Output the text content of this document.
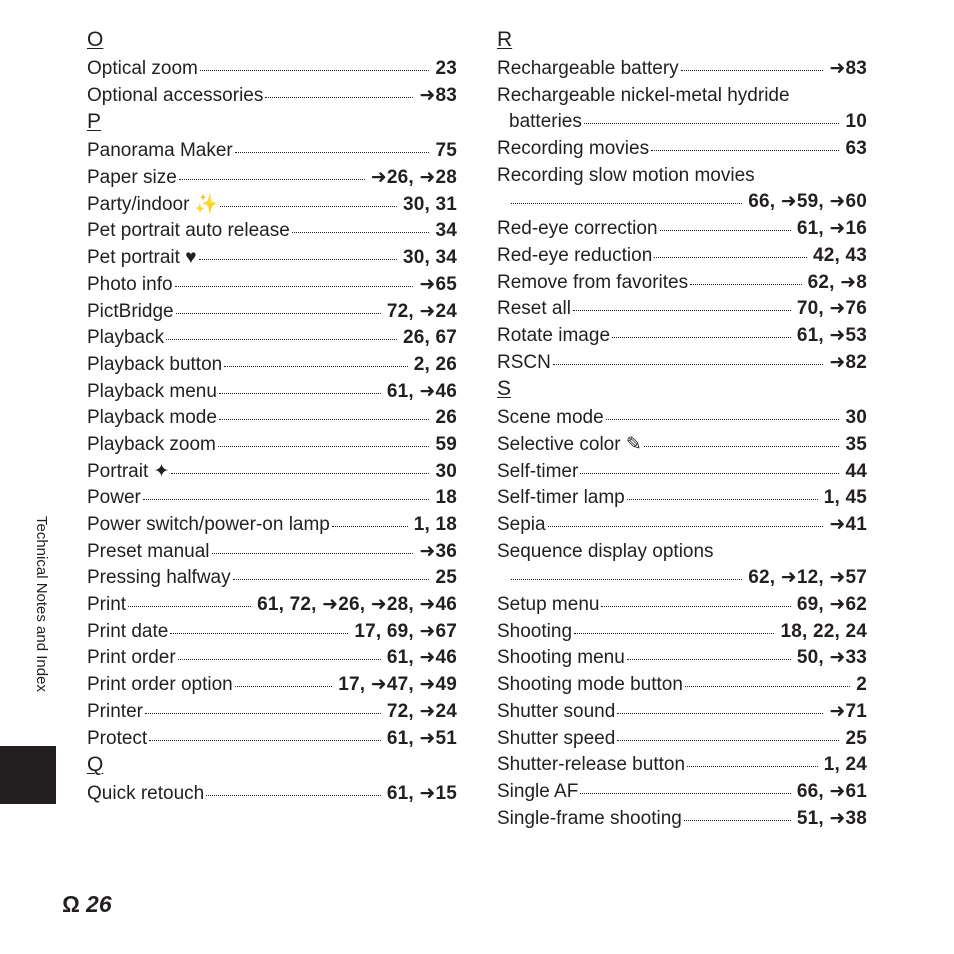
O
Optical zoom	23
Optional accessories	➜83
P
Panorama Maker	75
Paper size	➜26, ➜28
Party/indoor ✨	30, 31
Pet portrait auto release	34
Pet portrait ♥	30, 34
Photo info	➜65
PictBridge	72, ➜24
Playback	26, 67
Playback button	2, 26
Playback menu	61, ➜46
Playback mode	26
Playback zoom	59
Portrait ✦	30
Power	18
Power switch/power-on lamp	1, 18
Preset manual	➜36
Pressing halfway	25
Print	61, 72, ➜26, ➜28, ➜46
Print date	17, 69, ➜67
Print order	61, ➜46
Print order option	17, ➜47, ➜49
Printer	72, ➜24
Protect	61, ➜51
Q
Quick retouch	61, ➜15
R
Rechargeable battery	➜83
Rechargeable nickel-metal hydride
batteries	10
Recording movies	63
Recording slow motion movies
66, ➜59, ➜60
Red-eye correction	61, ➜16
Red-eye reduction	42, 43
Remove from favorites	62, ➜8
Reset all	70, ➜76
Rotate image	61, ➜53
RSCN	➜82
S
Scene mode	30
Selective color ✎	35
Self-timer	44
Self-timer lamp	1, 45
Sepia	➜41
Sequence display options
62, ➜12, ➜57
Setup menu	69, ➜62
Shooting	18, 22, 24
Shooting menu	50, ➜33
Shooting mode button	2
Shutter sound	➜71
Shutter speed	25
Shutter-release button	1, 24
Single AF	66, ➜61
Single-frame shooting	51, ➜38
Technical Notes and Index
Ω 26
